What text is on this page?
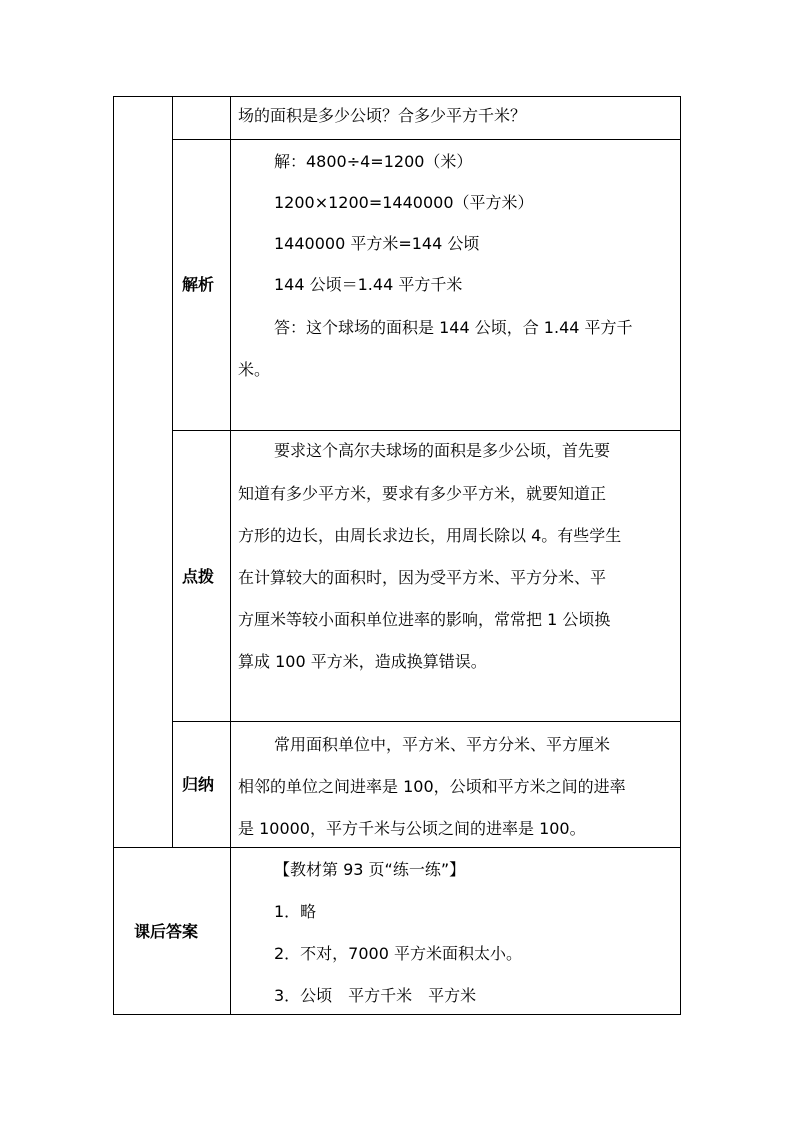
场的面积是多少公顷？合多少平方千米？
解析
解：4800÷4=1200（米）
1200×1200=1440000（平方米）
1440000 平方米=144 公顷
144 公顷＝1.44 平方千米
答：这个球场的面积是 144 公顷，合 1.44 平方千
米。
点拨
要求这个高尔夫球场的面积是多少公顷，首先要
知道有多少平方米，要求有多少平方米，就要知道正
方形的边长，由周长求边长，用周长除以 4。有些学生
在计算较大的面积时，因为受平方米、平方分米、平
方厘米等较小面积单位进率的影响，常常把 1 公顷换
算成 100 平方米，造成换算错误。
归纳
常用面积单位中，平方米、平方分米、平方厘米
相邻的单位之间进率是 100，公顷和平方米之间的进率
是 10000，平方千米与公顷之间的进率是 100。
课后答案
【教材第 93 页“练一练”】
1．略
2．不对，7000 平方米面积太小。
3．公顷　平方千米　平方米
